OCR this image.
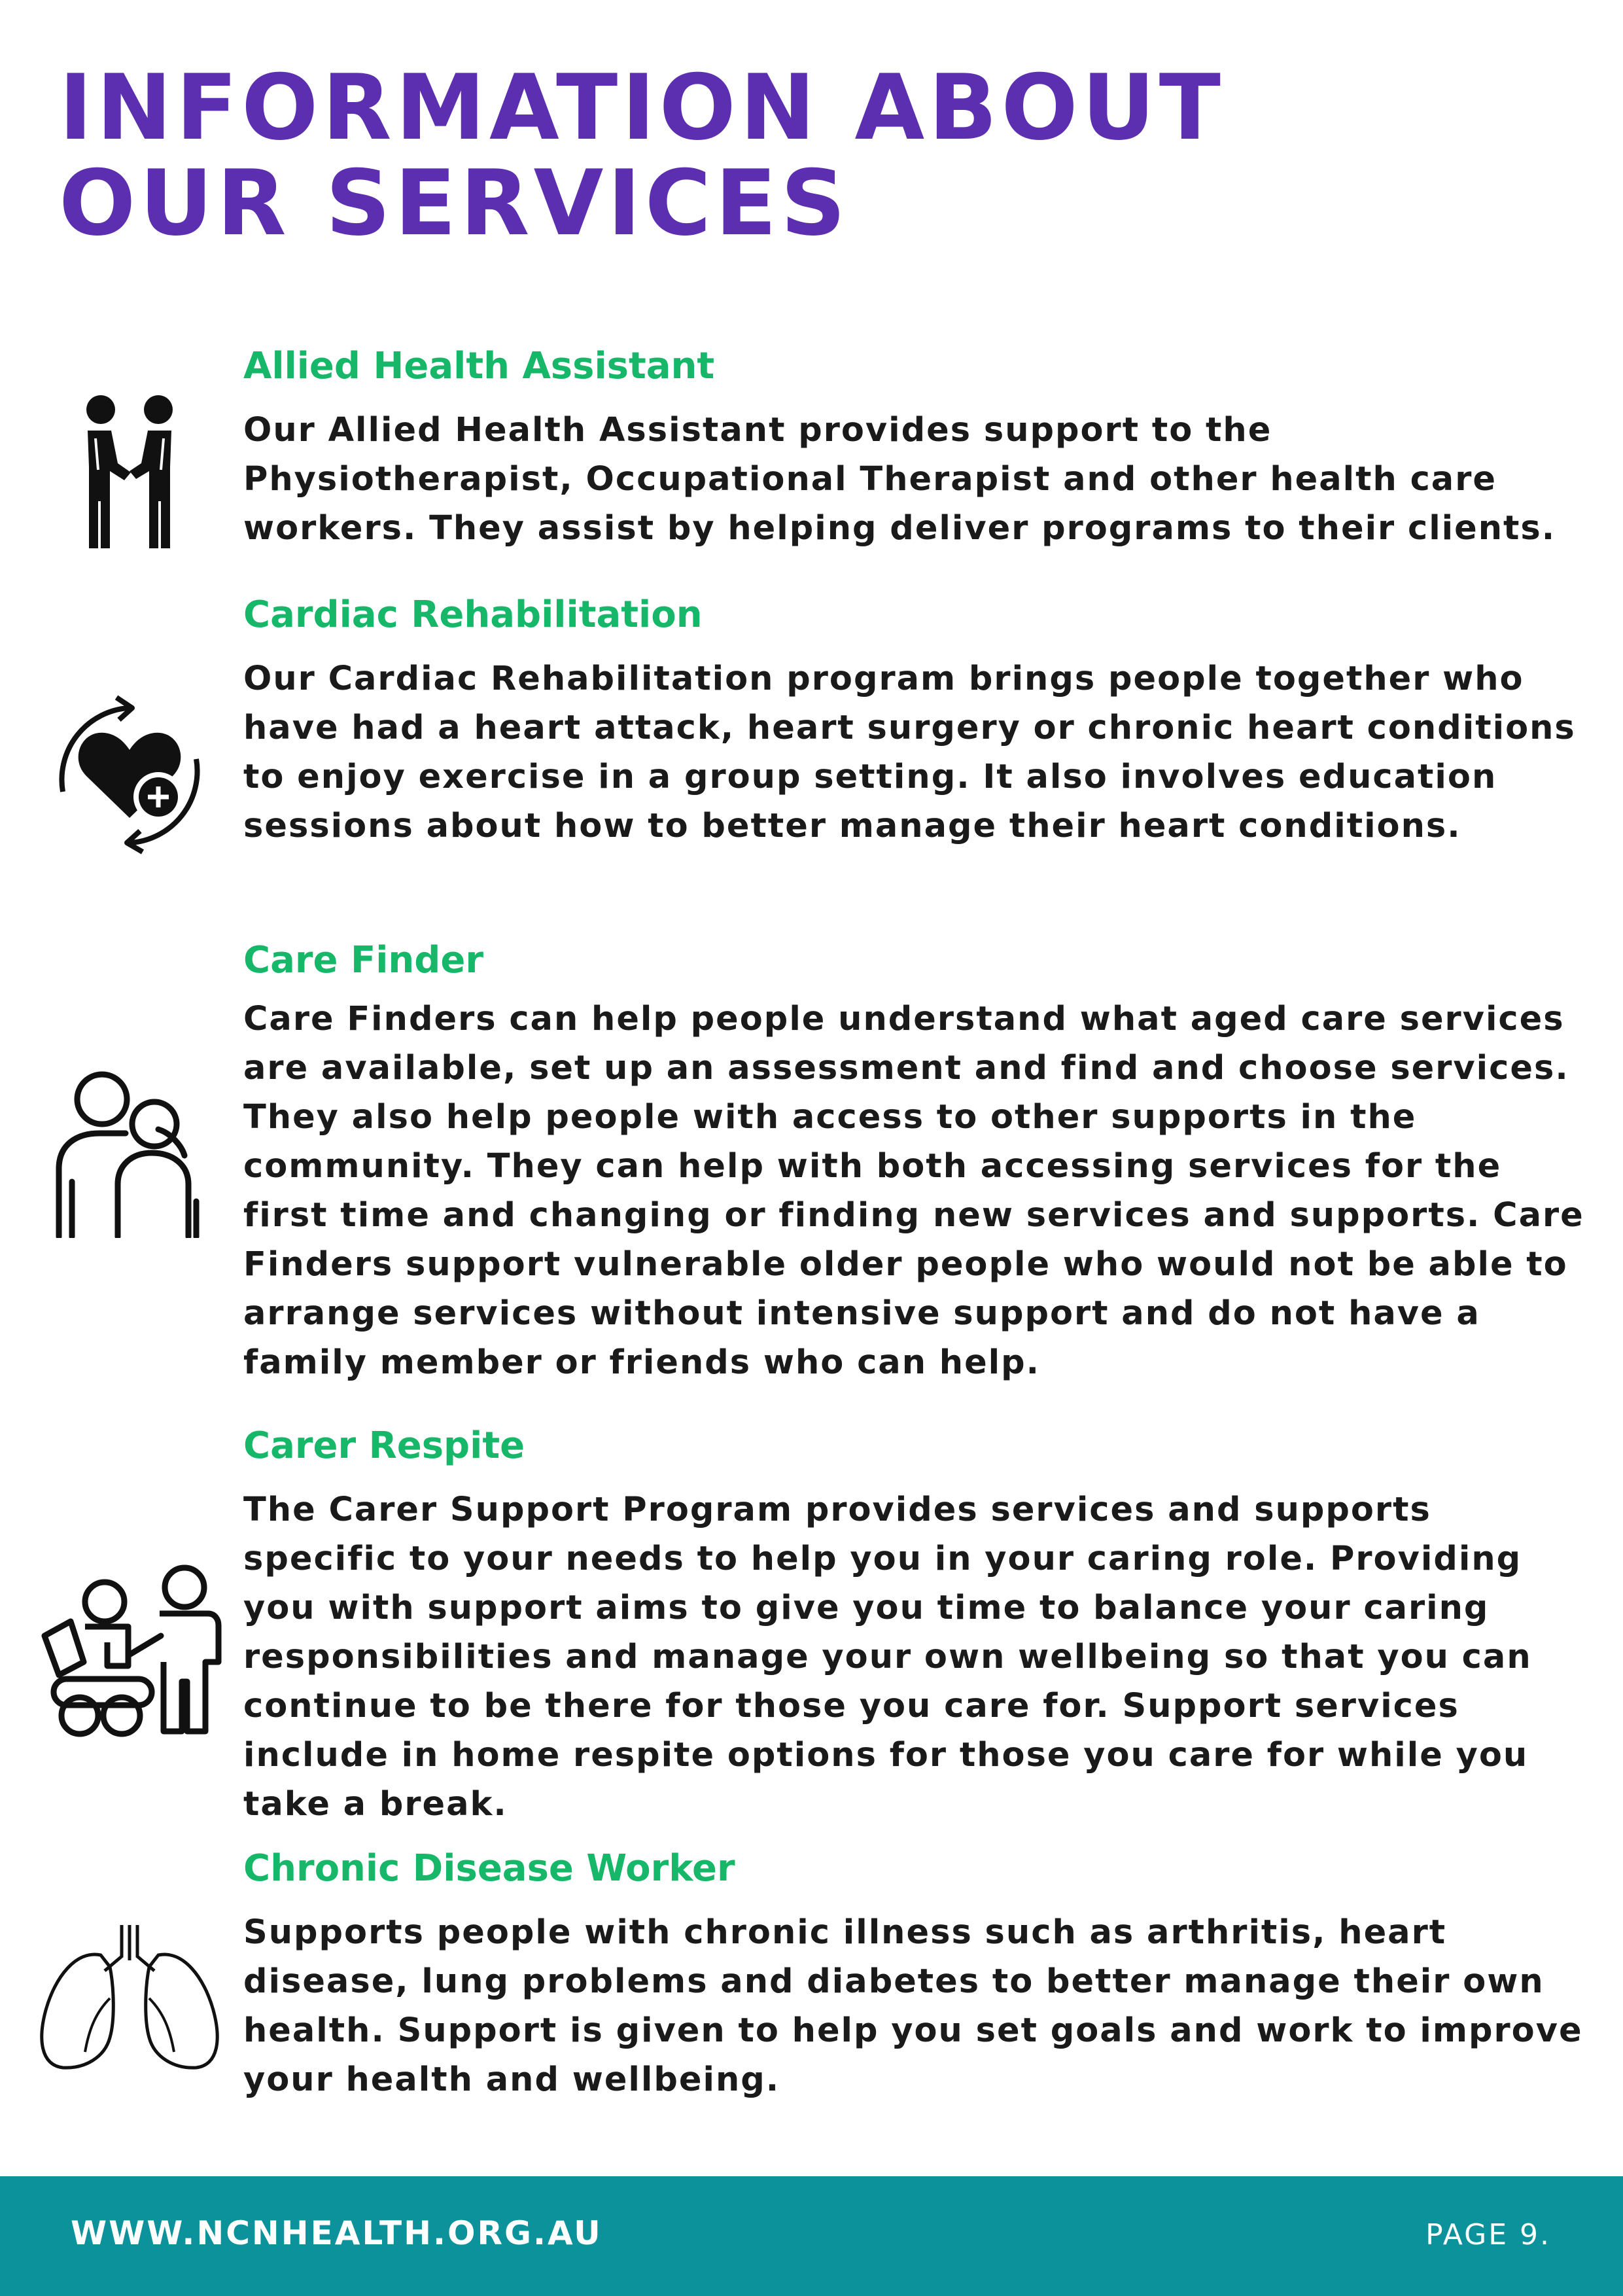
INFORMATION ABOUT
OUR SERVICES
Allied Health Assistant

Our Allied Health Assistant provides support to the Physiotherapist, Occupational Therapist and other health care workers. They assist by helping deliver programs to their clients.

Cardiac Rehabilitation

Our Cardiac Rehabilitation program brings people together who have had a heart attack, heart surgery or chronic heart conditions to enjoy exercise in a group setting. It also involves education sessions about how to better manage their heart conditions.

Care Finder

Care Finders can help people understand what aged care services are available, set up an assessment and find and choose services. They also help people with access to other supports in the community. They can help with both accessing services for the first time and changing or finding new services and supports. Care Finders support vulnerable older people who would not be able to arrange services without intensive support and do not have a family member or friends who can help.

Carer Respite

The Carer Support Program provides services and supports specific to your needs to help you in your caring role. Providing you with support aims to give you time to balance your caring responsibilities and manage your own wellbeing so that you can continue to be there for those you care for. Support services include in home respite options for those you care for while you take a break.

Chronic Disease Worker

Supports people with chronic illness such as arthritis, heart disease, lung problems and diabetes to better manage their own health. Support is given to help you set goals and work to improve your health and wellbeing.

WWW.NCNHEALTH.ORG.AU	PAGE 9.
